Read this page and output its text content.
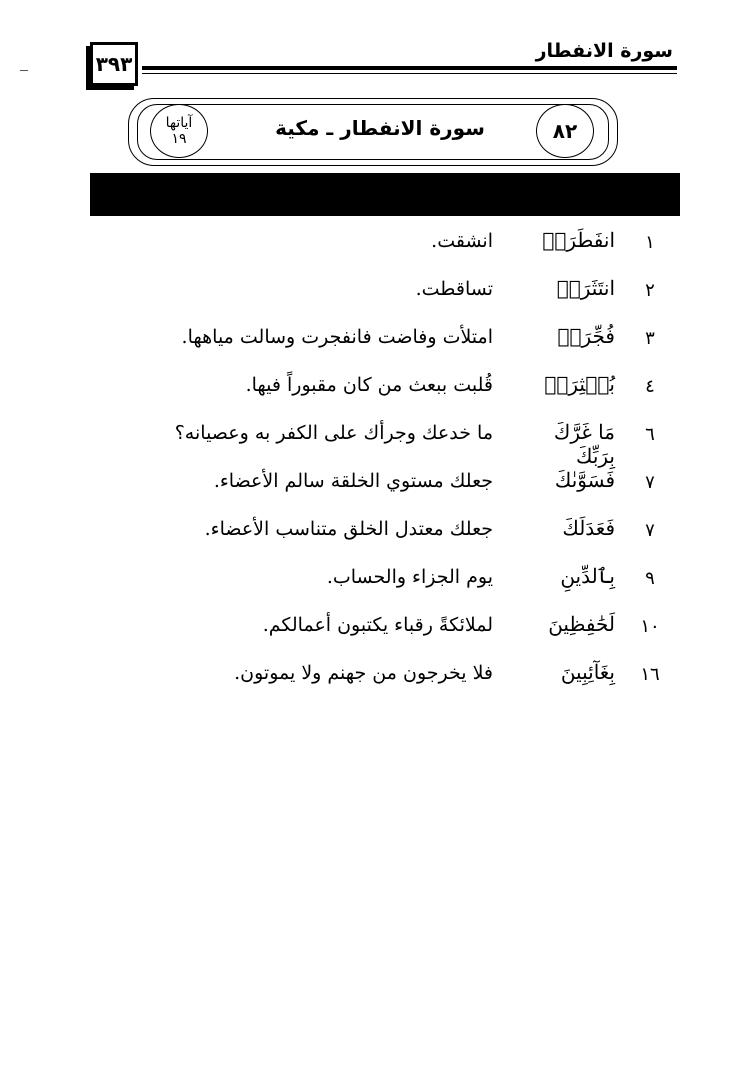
سورة الانفطار
٣٩٣
آياتها
١٩	سورة الانفطار ـ مكية	٨٢
١
انفَطَرَتۡ
انشقت.
٢
انتَثَرَتۡ
تساقطت.
٣
فُجِّرَتۡ
امتلأت وفاضت فانفجرت وسالت مياهها.
٤
بُعۡثِرَتۡ
قُلبت ببعث من كان مقبوراً فيها.
٦
مَا غَرَّكَ بِرَبِّكَ
ما خدعك وجرأك على الكفر به وعصيانه؟
٧
فَسَوَّىٰكَ
جعلك مستوي الخلقة سالم الأعضاء.
٧
فَعَدَلَكَ
جعلك معتدل الخلق متناسب الأعضاء.
٩
بِٱلدِّينِ
يوم الجزاء والحساب.
١٠
لَحَٰفِظِينَ
لملائكةً رقباء يكتبون أعمالكم.
١٦
بِغَآئِبِينَ
فلا يخرجون من جهنم ولا يموتون.
